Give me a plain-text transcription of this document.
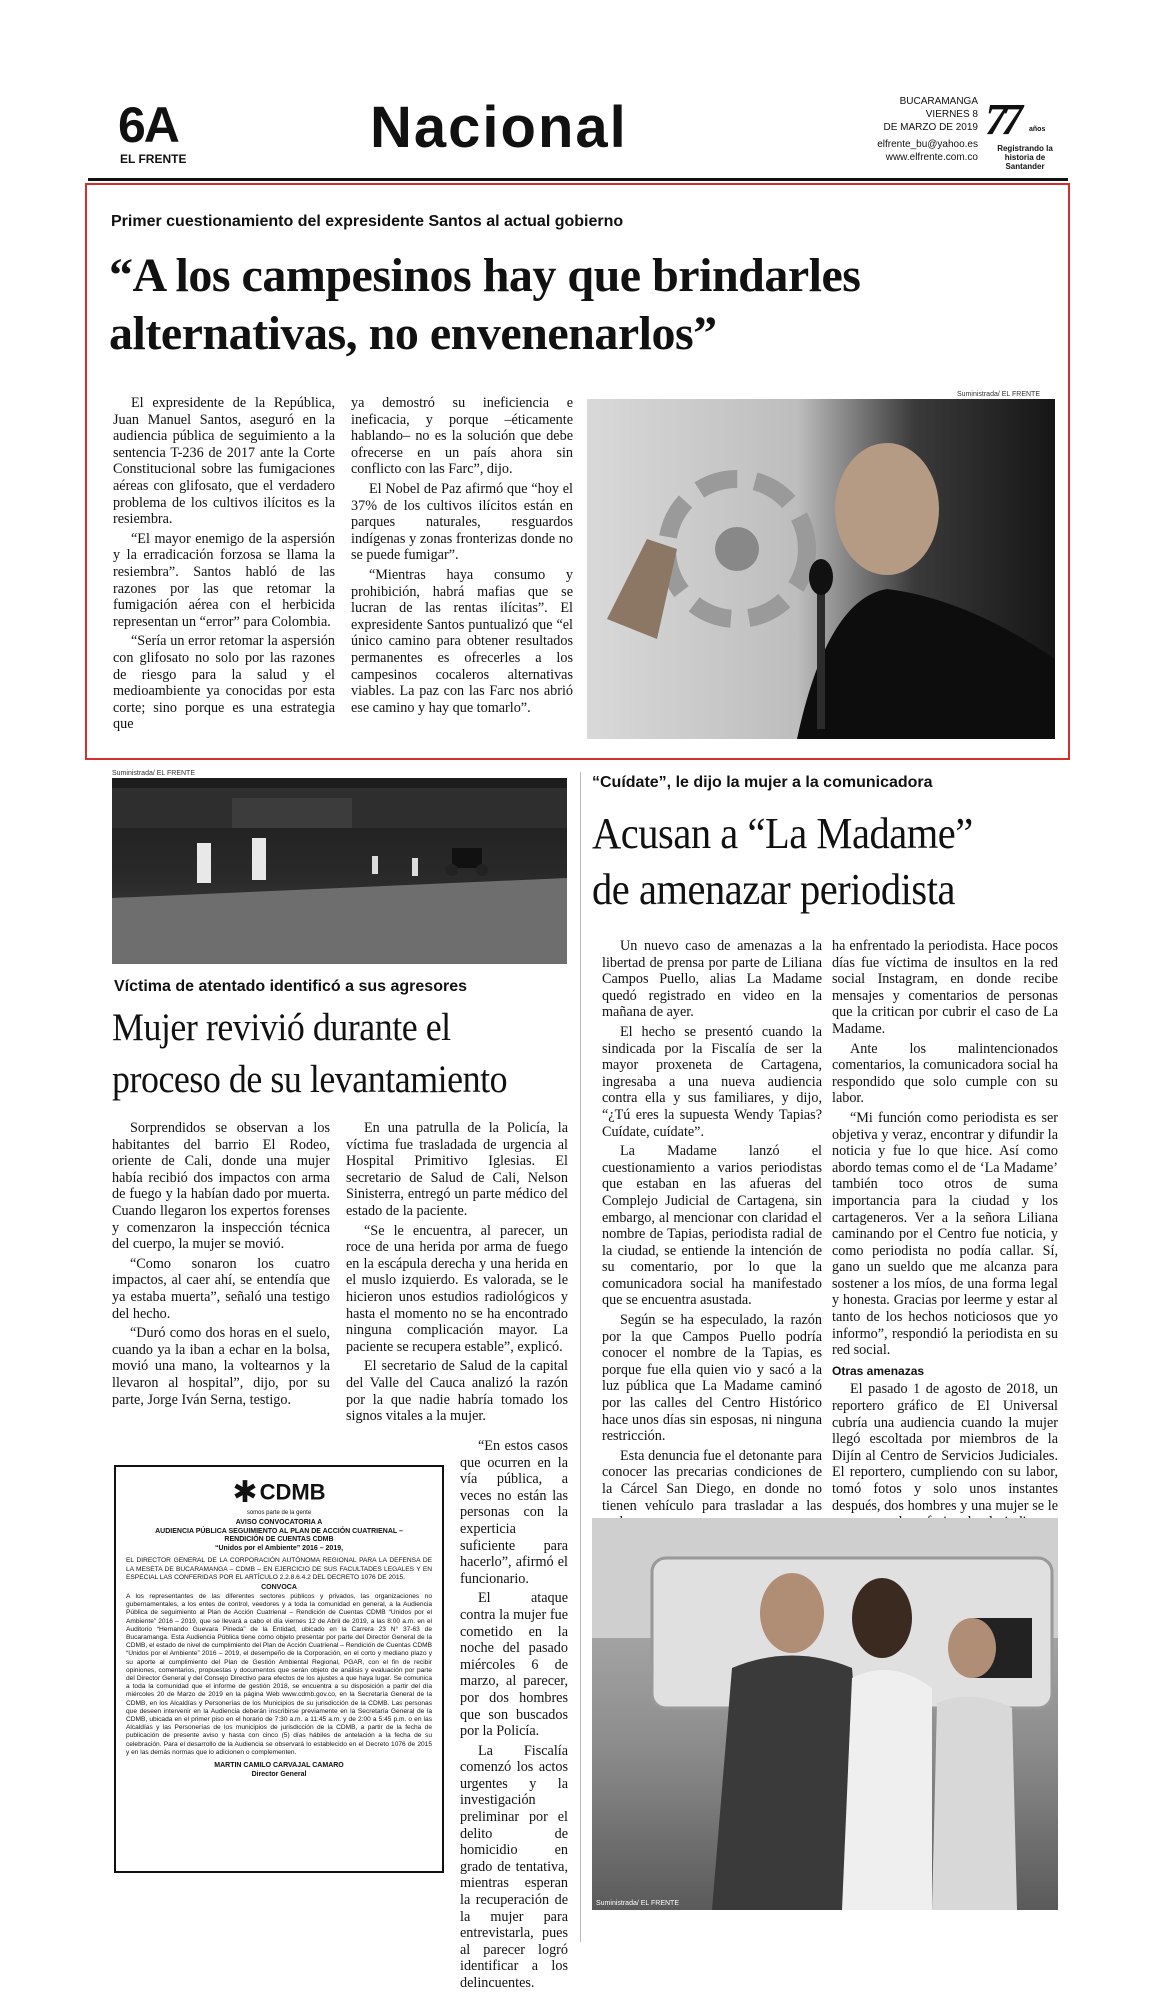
6A
EL FRENTE	Nacional	BUCARAMANGA
VIERNES 8
DE MARZO DE 2019
elfrente_bu@yahoo.es
www.elfrente.com.co
77 años
Registrando la historia de Santander
Primer cuestionamiento del expresidente Santos al actual gobierno
“A los campesinos hay que brindarles
alternativas, no envenenarlos”

El expresidente de la República, Juan Manuel Santos, aseguró en la audiencia pública de seguimiento a la sentencia T-236 de 2017 ante la Corte Constitucional sobre las fumigaciones aéreas con glifosato, que el verdadero problema de los cultivos ilícitos es la resiembra.

“El mayor enemigo de la aspersión y la erradicación forzosa se llama la resiembra”. Santos habló de las razones por las que retomar la fumigación aérea con el herbicida representan un “error” para Colombia.

“Sería un error retomar la aspersión con glifosato no solo por las razones de riesgo para la salud y el medioambiente ya conocidas por esta corte; sino porque es una estrategia que

ya demostró su ineficiencia e ineficacia, y porque –éticamente hablando– no es la solución que debe ofrecerse en un país ahora sin conflicto con las Farc”, dijo.

El Nobel de Paz afirmó que “hoy el 37% de los cultivos ilícitos están en parques naturales, resguardos indígenas y zonas fronterizas donde no se puede fumigar”.

“Mientras haya consumo y prohibición, habrá mafias que se lucran de las rentas ilícitas”. El expresidente Santos puntualizó que “el único camino para obtener resultados permanentes es ofrecerles a los campesinos cocaleros alternativas viables. La paz con las Farc nos abrió ese camino y hay que tomarlo”.

Suministrada/ EL FRENTE
Suministrada/ EL FRENTE
Víctima de atentado identificó a sus agresores
Mujer revivió durante el
proceso de su levantamiento

Sorprendidos se observan a los habitantes del barrio El Rodeo, oriente de Cali, donde una mujer había recibió dos impactos con arma de fuego y la habían dado por muerta. Cuando llegaron los expertos forenses y comenzaron la inspección técnica del cuerpo, la mujer se movió.

“Como sonaron los cuatro impactos, al caer ahí, se entendía que ya estaba muerta”, señaló una testigo del hecho.

“Duró como dos horas en el suelo, cuando ya la iban a echar en la bolsa, movió una mano, la voltearnos y la llevaron al hospital”, dijo, por su parte, Jorge Iván Serna, testigo.

En una patrulla de la Policía, la víctima fue trasladada de urgencia al Hospital Primitivo Iglesias. El secretario de Salud de Cali, Nelson Sinisterra, entregó un parte médico del estado de la paciente.

“Se le encuentra, al parecer, un roce de una herida por arma de fuego en la escápula derecha y una herida en el muslo izquierdo. Es valorada, se le hicieron unos estudios radiológicos y hasta el momento no se ha encontrado ninguna complicación mayor. La paciente se recupera estable”, explicó.

El secretario de Salud de la capital del Valle del Cauca analizó la razón por la que nadie habría tomado los signos vitales a la mujer.

“En estos casos que ocurren en la vía pública, a veces no están las personas con la experticia suficiente para hacerlo”, afirmó el funcionario.

El ataque contra la mujer fue cometido en la noche del pasado miércoles 6 de marzo, al parecer, por dos hombres que son buscados por la Policía.

La Fiscalía comenzó los actos urgentes y la investigación preliminar por el delito de homicidio en grado de tentativa, mientras esperan la recuperación de la mujer para entrevistarla, pues al parecer logró identificar a los delincuentes.

✱ CDMB
somos parte de la gente
AVISO CONVOCATORIA A
AUDIENCIA PÚBLICA SEGUIMIENTO AL PLAN DE ACCIÓN CUATRIENAL –
RENDICIÓN DE CUENTAS CDMB
“Unidos por el Ambiente” 2016 – 2019,
EL DIRECTOR GENERAL DE LA CORPORACIÓN AUTÓNOMA REGIONAL PARA LA DEFENSA DE LA MESETA DE BUCARAMANGA – CDMB – EN EJERCICIO DE SUS FACULTADES LEGALES Y EN ESPECIAL LAS CONFERIDAS POR EL ARTÍCULO 2.2.8.6.4.2 DEL DECRETO 1076 DE 2015.
CONVOCA
A los representantes de las diferentes sectores públicos y privados, las organizaciones no gubernamentales, a los entes de control, veedores y a toda la comunidad en general, a la Audiencia Pública de seguimiento al Plan de Acción Cuatrienal – Rendición de Cuentas CDMB “Unidos por el Ambiente” 2016 – 2019, que se llevará a cabo el día viernes 12 de Abril de 2019, a las 8:00 a.m. en el Auditorio “Hernando Guevara Pineda” de la Entidad, ubicado en la Carrera 23 N° 37-63 de Bucaramanga. Esta Audiencia Pública tiene como objeto presentar por parte del Director General de la CDMB, el estado de nivel de cumplimiento del Plan de Acción Cuatrienal – Rendición de Cuentas CDMB “Unidos por el Ambiente” 2016 – 2019, el desempeño de la Corporación, en el corto y mediano plazo y su aporte al cumplimiento del Plan de Gestión Ambiental Regional, PGAR, con el fin de recibir opiniones, comentarios, propuestas y documentos que serán objeto de análisis y evaluación por parte del Director General y del Consejo Directivo para efectos de los ajustes a que haya lugar. Se comunica a toda la comunidad que el informe de gestión 2018, se encuentra a su disposición a partir del día miércoles 20 de Marzo de 2019 en la página Web www.cdmb.gov.co, en la Secretaría General de la CDMB, en los Alcaldías y Personerías de los Municipios de su jurisdicción de la CDMB. Las personas que deseen intervenir en la Audiencia deberán inscribirse previamente en la Secretaría General de la CDMB, ubicada en el primer piso en el horario de 7:30 a.m. a 11:45 a.m. y de 2:00 a 5:45 p.m. o en las Alcaldías y las Personerías de los municipios de jurisdicción de la CDMB, a partir de la fecha de publicación de presente aviso y hasta con cinco (5) días hábiles de antelación a la fecha de su celebración. Para el desarrollo de la Audiencia se observará lo establecido en el Decreto 1076 de 2015 y en las demás normas que lo adicionen o complementen.
MARTIN CAMILO CARVAJAL CAMARO
Director General
“Cuídate”, le dijo la mujer a la comunicadora
Acusan a “La Madame”
de amenazar periodista

Un nuevo caso de amenazas a la libertad de prensa por parte de Liliana Campos Puello, alias La Madame quedó registrado en video en la mañana de ayer.

El hecho se presentó cuando la sindicada por la Fiscalía de ser la mayor proxeneta de Cartagena, ingresaba a una nueva audiencia contra ella y sus familiares, y dijo, “¿Tú eres la supuesta Wendy Tapias? Cuídate, cuídate”.

La Madame lanzó el cuestionamiento a varios periodistas que estaban en las afueras del Complejo Judicial de Cartagena, sin embargo, al mencionar con claridad el nombre de Tapias, periodista radial de la ciudad, se entiende la intención de su comentario, por lo que la comunicadora social ha manifestado que se encuentra asustada.

Según se ha especulado, la razón por la que Campos Puello podría conocer el nombre de la Tapias, es porque fue ella quien vio y sacó a la luz pública que La Madame caminó por las calles del Centro Histórico hace unos días sin esposas, ni ninguna restricción.

Esta denuncia fue el detonante para conocer las precarias condiciones de la Cárcel San Diego, en donde no tienen vehículo para trasladar a las

ha enfrentado la periodista. Hace pocos días fue víctima de insultos en la red social Instagram, en donde recibe mensajes y comentarios de personas que la critican por cubrir el caso de La Madame.

Ante los malintencionados comentarios, la comunicadora social ha respondido que solo cumple con su labor.

“Mi función como periodista es ser objetiva y veraz, encontrar y difundir la noticia y fue lo que hice. Así como abordo temas como el de ‘La Madame’ también toco otros de suma importancia para la ciudad y los cartageneros. Ver a la señora Liliana caminando por el Centro fue noticia, y como periodista no podía callar. Sí, gano un sueldo que me alcanza para sostener a los míos, de una forma legal y honesta. Gracias por leerme y estar al tanto de los hechos noticiosos que yo informo”, respondió la periodista en su red social.

Otras amenazas

El pasado 1 de agosto de 2018, un reportero gráfico de El Universal cubría una audiencia cuando la mujer llegó escoltada por miembros de la Dijín al Centro de Servicios Judiciales. El reportero, cumpliendo con su labor, tomó fotos y solo unos instantes después, dos hombres y una mujer se le

Suministrada/ EL FRENTE
